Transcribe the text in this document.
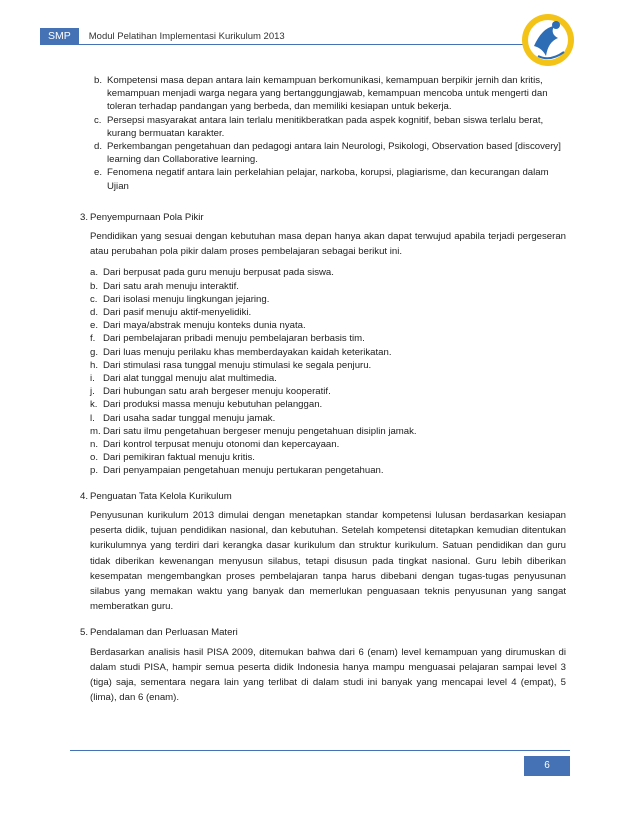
SMP	Modul Pelatihan Implementasi Kurikulum 2013
b. Kompetensi masa depan antara lain kemampuan berkomunikasi, kemampuan berpikir jernih dan kritis, kemampuan menjadi warga negara yang bertanggungjawab, kemampuan mencoba untuk mengerti dan toleran terhadap pandangan yang berbeda, dan memiliki kesiapan untuk bekerja.
c. Persepsi masyarakat antara lain terlalu menitikberatkan pada aspek kognitif, beban siswa terlalu berat, kurang bermuatan karakter.
d. Perkembangan pengetahuan dan pedagogi antara lain Neurologi, Psikologi, Observation based [discovery] learning dan Collaborative learning.
e. Fenomena negatif antara lain perkelahian pelajar, narkoba, korupsi, plagiarisme, dan kecurangan dalam Ujian
3. Penyempurnaan Pola Pikir

Pendidikan yang sesuai dengan kebutuhan masa depan hanya akan dapat terwujud apabila terjadi pergeseran atau perubahan pola pikir dalam proses pembelajaran sebagai berikut ini.

a. Dari berpusat pada guru menuju berpusat pada siswa.
b. Dari satu arah menuju interaktif.
c. Dari isolasi menuju lingkungan jejaring.
d. Dari pasif menuju aktif-menyelidiki.
e. Dari maya/abstrak menuju konteks dunia nyata.
f. Dari pembelajaran pribadi menuju pembelajaran berbasis tim.
g. Dari luas menuju perilaku khas memberdayakan kaidah keterikatan.
h. Dari stimulasi rasa tunggal menuju stimulasi ke segala penjuru.
i. Dari alat tunggal menuju alat multimedia.
j. Dari hubungan satu arah bergeser menuju kooperatif.
k. Dari produksi massa menuju kebutuhan pelanggan.
l. Dari usaha sadar tunggal menuju jamak.
m. Dari satu ilmu pengetahuan bergeser menuju pengetahuan disiplin jamak.
n. Dari kontrol terpusat menuju otonomi dan kepercayaan.
o. Dari pemikiran faktual menuju kritis.
p. Dari penyampaian pengetahuan menuju pertukaran pengetahuan.
4. Penguatan Tata Kelola Kurikulum

Penyusunan kurikulum 2013 dimulai dengan menetapkan standar kompetensi lulusan berdasarkan kesiapan peserta didik, tujuan pendidikan nasional, dan kebutuhan. Setelah kompetensi ditetapkan kemudian ditentukan kurikulumnya yang terdiri dari kerangka dasar kurikulum dan struktur kurikulum. Satuan pendidikan dan guru tidak diberikan kewenangan menyusun silabus, tetapi disusun pada tingkat nasional. Guru lebih diberikan kesempatan mengembangkan proses pembelajaran tanpa harus dibebani dengan tugas-tugas penyusunan silabus yang memakan waktu yang banyak dan memerlukan penguasaan teknis penyusunan yang sangat memberatkan guru.

5. Pendalaman dan Perluasan Materi

Berdasarkan analisis hasil PISA 2009, ditemukan bahwa dari 6 (enam) level kemampuan yang dirumuskan di dalam studi PISA, hampir semua peserta didik Indonesia hanya mampu menguasai pelajaran sampai level 3 (tiga) saja, sementara negara lain yang terlibat di dalam studi ini banyak yang mencapai level 4 (empat), 5 (lima), dan 6 (enam).

6
